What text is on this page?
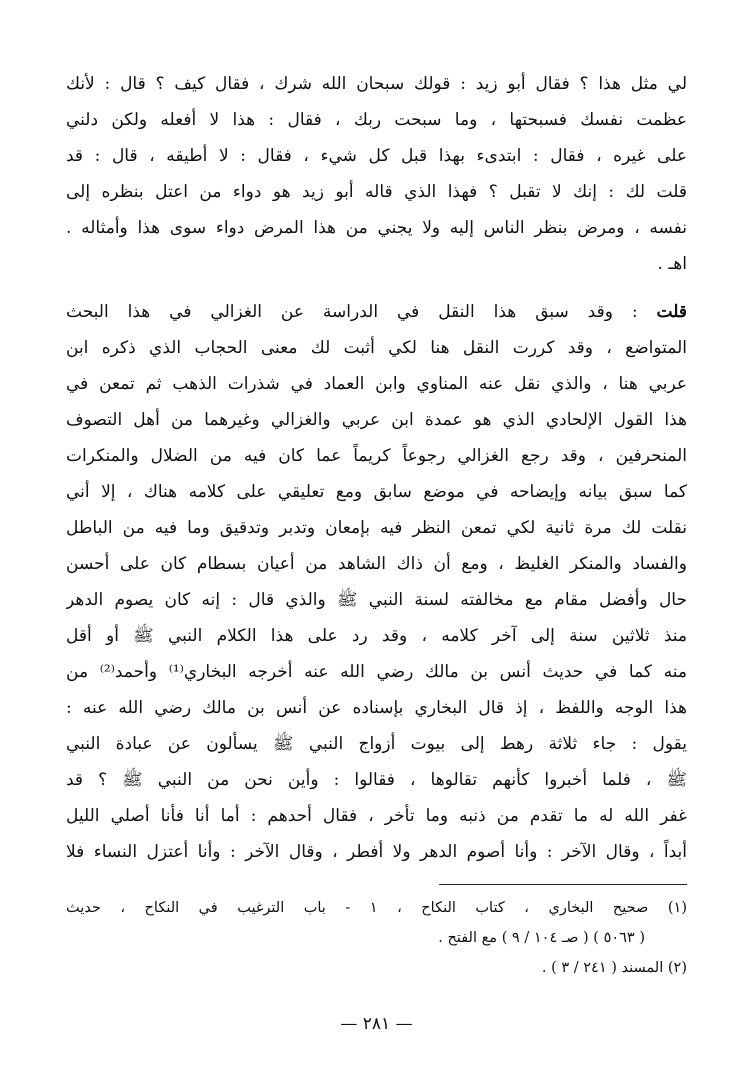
لي مثل هذا ؟ فقال أبو زيد : قولك سبحان الله شرك ، فقال كيف ؟ قال : لأنك
عظمت نفسك فسبحتها ، وما سبحت ربك ، فقال : هذا لا أفعله ولكن دلني
على غيره ، فقال : ابتدىء بهذا قبل كل شيء ، فقال : لا أطيقه ، قال : قد
قلت لك : إنك لا تقبل ؟ فهذا الذي قاله أبو زيد هو دواء من اعتل بنظره إلى
نفسه ، ومرض بنظر الناس إليه ولا يجني من هذا المرض دواء سوى هذا وأمثاله .
اهـ .
قلت : وقد سبق هذا النقل في الدراسة عن الغزالي في هذا البحث
المتواضع ، وقد كررت النقل هنا لكي أثبت لك معنى الحجاب الذي ذكره ابن
عربي هنا ، والذي نقل عنه المناوي وابن العماد في شذرات الذهب ثم تمعن في
هذا القول الإلحادي الذي هو عمدة ابن عربي والغزالي وغيرهما من أهل التصوف
المنحرفين ، وقد رجع الغزالي رجوعاً كريماً عما كان فيه من الضلال والمنكرات
كما سبق بيانه وإيضاحه في موضع سابق ومع تعليقي على كلامه هناك ، إلا أني
نقلت لك مرة ثانية لكي تمعن النظر فيه بإمعان وتدبر وتدقيق وما فيه من الباطل
والفساد والمنكر الغليظ ، ومع أن ذاك الشاهد من أعيان بسطام كان على أحسن
حال وأفضل مقام مع مخالفته لسنة النبي ﷺ والذي قال : إنه كان يصوم الدهر
منذ ثلاثين سنة إلى آخر كلامه ، وقد رد على هذا الكلام النبي ﷺ أو أقل
منه كما في حديث أنس بن مالك رضي الله عنه أخرجه البخاري⁽¹⁾ وأحمد⁽²⁾ من
هذا الوجه واللفظ ، إذ قال البخاري بإسناده عن أنس بن مالك رضي الله عنه :
يقول : جاء ثلاثة رهط إلى بيوت أزواج النبي ﷺ يسألون عن عبادة النبي
ﷺ ، فلما أخبروا كأنهم تقالوها ، فقالوا : وأين نحن من النبي ﷺ ؟ قد
غفر الله له ما تقدم من ذنبه وما تأخر ، فقال أحدهم : أما أنا فأنا أصلي الليل
أبداً ، وقال الآخر : وأنا أصوم الدهر ولا أفطر ، وقال الآخر : وأنا أعتزل النساء فلا
(١) صحيح البخاري ، كتاب النكاح ، ١ - باب الترغيب في النكاح ، حديث
( ٥٠٦٣ ) ( صـ ١٠٤ / ٩ ) مع الفتح .
(٢) المسند ( ٢٤١ / ٣ ) .
— ٢٨١ —
